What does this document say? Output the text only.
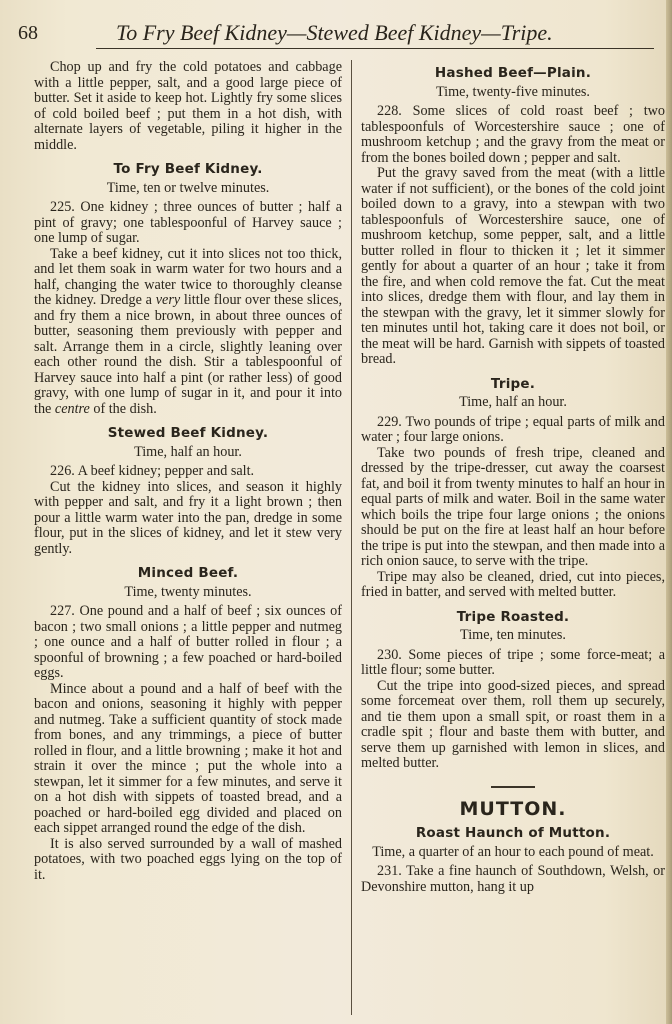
68	To Fry Beef Kidney—Stewed Beef Kidney—Tripe.

Chop up and fry the cold potatoes and cabbage with a little pepper, salt, and a good large piece of butter. Set it aside to keep hot. Lightly fry some slices of cold boiled beef ; put them in a hot dish, with alternate layers of vegetable, piling it higher in the middle.

To Fry Beef Kidney.

Time, ten or twelve minutes.

225. One kidney ; three ounces of butter ; half a pint of gravy; one tablespoonful of Harvey sauce ; one lump of sugar.

Take a beef kidney, cut it into slices not too thick, and let them soak in warm water for two hours and a half, changing the water twice to thoroughly cleanse the kidney. Dredge a very little flour over these slices, and fry them a nice brown, in about three ounces of butter, seasoning them previously with pepper and salt. Arrange them in a circle, slightly leaning over each other round the dish. Stir a tablespoonful of Harvey sauce into half a pint (or rather less) of good gravy, with one lump of sugar in it, and pour it into the centre of the dish.

Stewed Beef Kidney.

Time, half an hour.

226. A beef kidney; pepper and salt.

Cut the kidney into slices, and season it highly with pepper and salt, and fry it a light brown ; then pour a little warm water into the pan, dredge in some flour, put in the slices of kidney, and let it stew very gently.

Minced Beef.

Time, twenty minutes.

227. One pound and a half of beef ; six ounces of bacon ; two small onions ; a little pepper and nutmeg ; one ounce and a half of butter rolled in flour ; a spoonful of browning ; a few poached or hard-boiled eggs.

Mince about a pound and a half of beef with the bacon and onions, seasoning it highly with pepper and nutmeg. Take a sufficient quantity of stock made from bones, and any trimmings, a piece of butter rolled in flour, and a little browning ; make it hot and strain it over the mince ; put the whole into a stewpan, let it simmer for a few minutes, and serve it on a hot dish with sippets of toasted bread, and a poached or hard-boiled egg divided and placed on each sippet arranged round the edge of the dish.

It is also served surrounded by a wall of mashed potatoes, with two poached eggs lying on the top of it.

Hashed Beef—Plain.

Time, twenty-five minutes.

228. Some slices of cold roast beef ; two tablespoonfuls of Worcestershire sauce ; one of mushroom ketchup ; and the gravy from the meat or from the bones boiled down ; pepper and salt.

Put the gravy saved from the meat (with a little water if not sufficient), or the bones of the cold joint boiled down to a gravy, into a stewpan with two tablespoonfuls of Worcestershire sauce, one of mushroom ketchup, some pepper, salt, and a little butter rolled in flour to thicken it ; let it simmer gently for about a quarter of an hour ; take it from the fire, and when cold remove the fat. Cut the meat into slices, dredge them with flour, and lay them in the stewpan with the gravy, let it simmer slowly for ten minutes until hot, taking care it does not boil, or the meat will be hard. Garnish with sippets of toasted bread.

Tripe.

Time, half an hour.

229. Two pounds of tripe ; equal parts of milk and water ; four large onions.

Take two pounds of fresh tripe, cleaned and dressed by the tripe-dresser, cut away the coarsest fat, and boil it from twenty minutes to half an hour in equal parts of milk and water. Boil in the same water which boils the tripe four large onions ; the onions should be put on the fire at least half an hour before the tripe is put into the stewpan, and then made into a rich onion sauce, to serve with the tripe.

Tripe may also be cleaned, dried, cut into pieces, fried in batter, and served with melted butter.

Tripe Roasted.

Time, ten minutes.

230. Some pieces of tripe ; some force-meat; a little flour; some butter.

Cut the tripe into good-sized pieces, and spread some forcemeat over them, roll them up securely, and tie them upon a small spit, or roast them in a cradle spit ; flour and baste them with butter, and serve them up garnished with lemon in slices, and melted butter.

MUTTON.
Roast Haunch of Mutton.

Time, a quarter of an hour to each pound of meat.

231. Take a fine haunch of Southdown, Welsh, or Devonshire mutton, hang it up
